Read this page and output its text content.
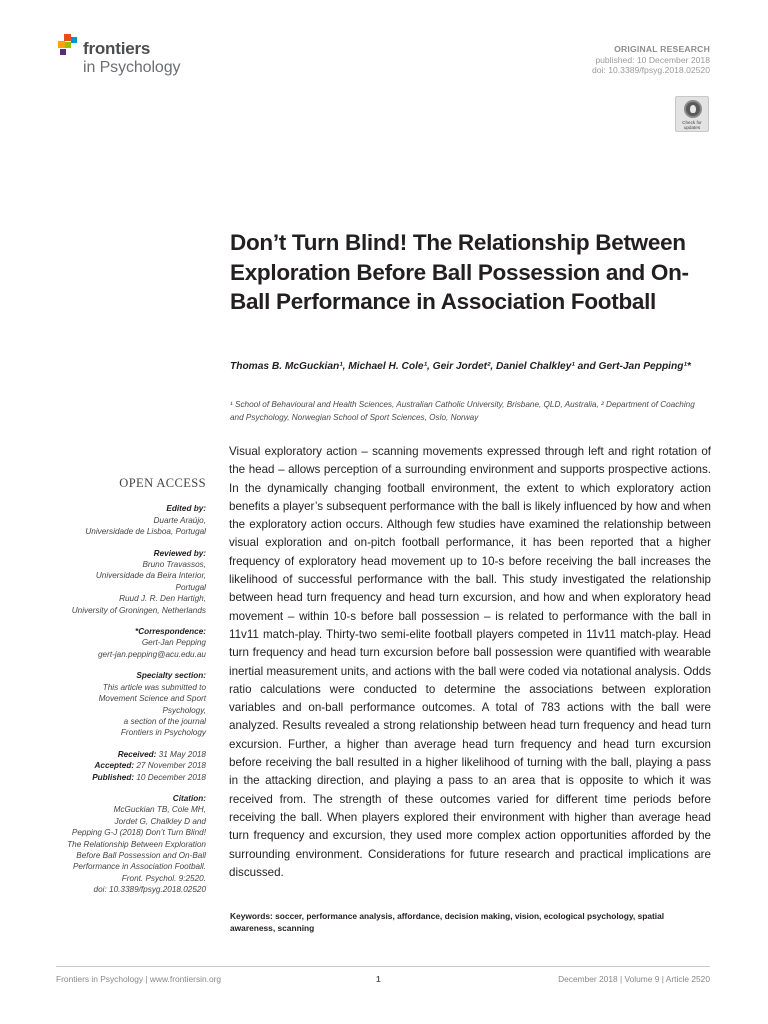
frontiers
in Psychology
ORIGINAL RESEARCH
published: 10 December 2018
doi: 10.3389/fpsyg.2018.02520
Check for
updates
Don’t Turn Blind! The Relationship Between Exploration Before Ball Possession and On-Ball Performance in Association Football
Thomas B. McGuckian¹, Michael H. Cole¹, Geir Jordet², Daniel Chalkley¹ and Gert-Jan Pepping¹*
¹ School of Behavioural and Health Sciences, Australian Catholic University, Brisbane, QLD, Australia, ² Department of Coaching and Psychology, Norwegian School of Sport Sciences, Oslo, Norway
OPEN ACCESS
Edited by:
Duarte Araújo,
Universidade de Lisboa, Portugal
Reviewed by:
Bruno Travassos,
Universidade da Beira Interior,
Portugal
Ruud J. R. Den Hartigh,
University of Groningen, Netherlands
*Correspondence:
Gert-Jan Pepping
gert-jan.pepping@acu.edu.au
Specialty section:
This article was submitted to
Movement Science and Sport
Psychology,
a section of the journal
Frontiers in Psychology
Received: 31 May 2018
Accepted: 27 November 2018
Published: 10 December 2018
Citation:
McGuckian TB, Cole MH,
Jordet G, Chalkley D and
Pepping G-J (2018) Don’t Turn Blind!
The Relationship Between Exploration
Before Ball Possession and On-Ball
Performance in Association Football.
Front. Psychol. 9:2520.
doi: 10.3389/fpsyg.2018.02520

Visual exploratory action – scanning movements expressed through left and right rotation of the head – allows perception of a surrounding environment and supports prospective actions. In the dynamically changing football environment, the extent to which exploratory action benefits a player’s subsequent performance with the ball is likely influenced by how and when the exploratory action occurs. Although few studies have examined the relationship between visual exploration and on-pitch football performance, it has been reported that a higher frequency of exploratory head movement up to 10-s before receiving the ball increases the likelihood of successful performance with the ball. This study investigated the relationship between head turn frequency and head turn excursion, and how and when exploratory head movement – within 10-s before ball possession – is related to performance with the ball in 11v11 match-play. Thirty-two semi-elite football players competed in 11v11 match-play. Head turn frequency and head turn excursion before ball possession were quantified with wearable inertial measurement units, and actions with the ball were coded via notational analysis. Odds ratio calculations were conducted to determine the associations between exploration variables and on-ball performance outcomes. A total of 783 actions with the ball were analyzed. Results revealed a strong relationship between head turn frequency and head turn excursion. Further, a higher than average head turn frequency and head turn excursion before receiving the ball resulted in a higher likelihood of turning with the ball, playing a pass in the attacking direction, and playing a pass to an area that is opposite to which it was received from. The strength of these outcomes varied for different time periods before receiving the ball. When players explored their environment with higher than average head turn frequency and excursion, they used more complex action opportunities afforded by the surrounding environment. Considerations for future research and practical implications are discussed.

Keywords: soccer, performance analysis, affordance, decision making, vision, ecological psychology, spatial awareness, scanning
Frontiers in Psychology | www.frontiersin.org	1	December 2018 | Volume 9 | Article 2520
